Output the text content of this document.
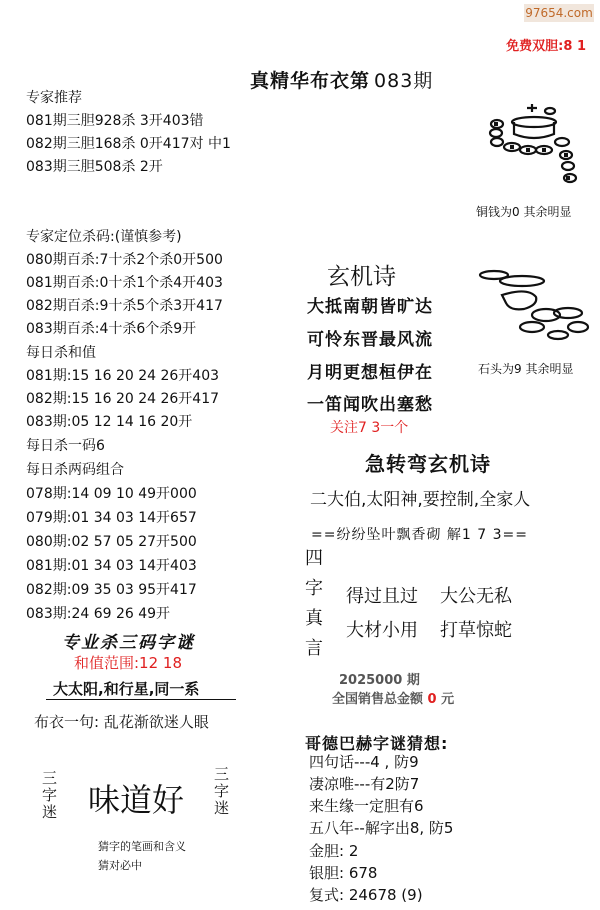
97654.com
免费双胆:8 1
真精华布衣第 083期
专家推荐
081期三胆928杀 3开403错
082期三胆168杀 0开417对 中1
083期三胆508杀 2开
专家定位杀码:(谨慎参考)
080期百杀:7十杀2个杀0开500
081期百杀:0十杀1个杀4开403
082期百杀:9十杀5个杀3开417
083期百杀:4十杀6个杀9开
每日杀和值
081期:15 16 20 24 26开403
082期:15 16 20 24 26开417
083期:05 12 14 16 20开
每日杀一码6
每日杀两码组合
078期:14 09 10 49开000
079期:01 34 03 14开657
080期:02 57 05 27开500
081期:01 34 03 14开403
082期:09 35 03 95开417
083期:24 69 26 49开
铜钱为0 其余明显
石头为9 其余明显
玄机诗
大抵南朝皆旷达
可怜东晋最风流
月明更想桓伊在
一笛闻吹出塞愁
关注7 3一个
急转弯玄机诗
二大伯,太阳神,要控制,全家人
==纷纷坠叶飘香砌 解1 7 3==
四字真言
得过且过 大公无私
大材小用 打草惊蛇
2025000 期
全国销售总金额 0 元
哥德巴赫字谜猜想:
四句话---4 , 防9
凄凉唯---有2防7
来生缘一定胆有6
五八年--解字出8, 防5
金胆: 2
银胆: 678
复式: 24678 (9)
专业杀三码字谜
和值范围:12 18
大太阳,和行星,同一系
布衣一句: 乱花渐欲迷人眼
三字迷 味道好
三字迷
猜字的笔画和含义
猜对必中
